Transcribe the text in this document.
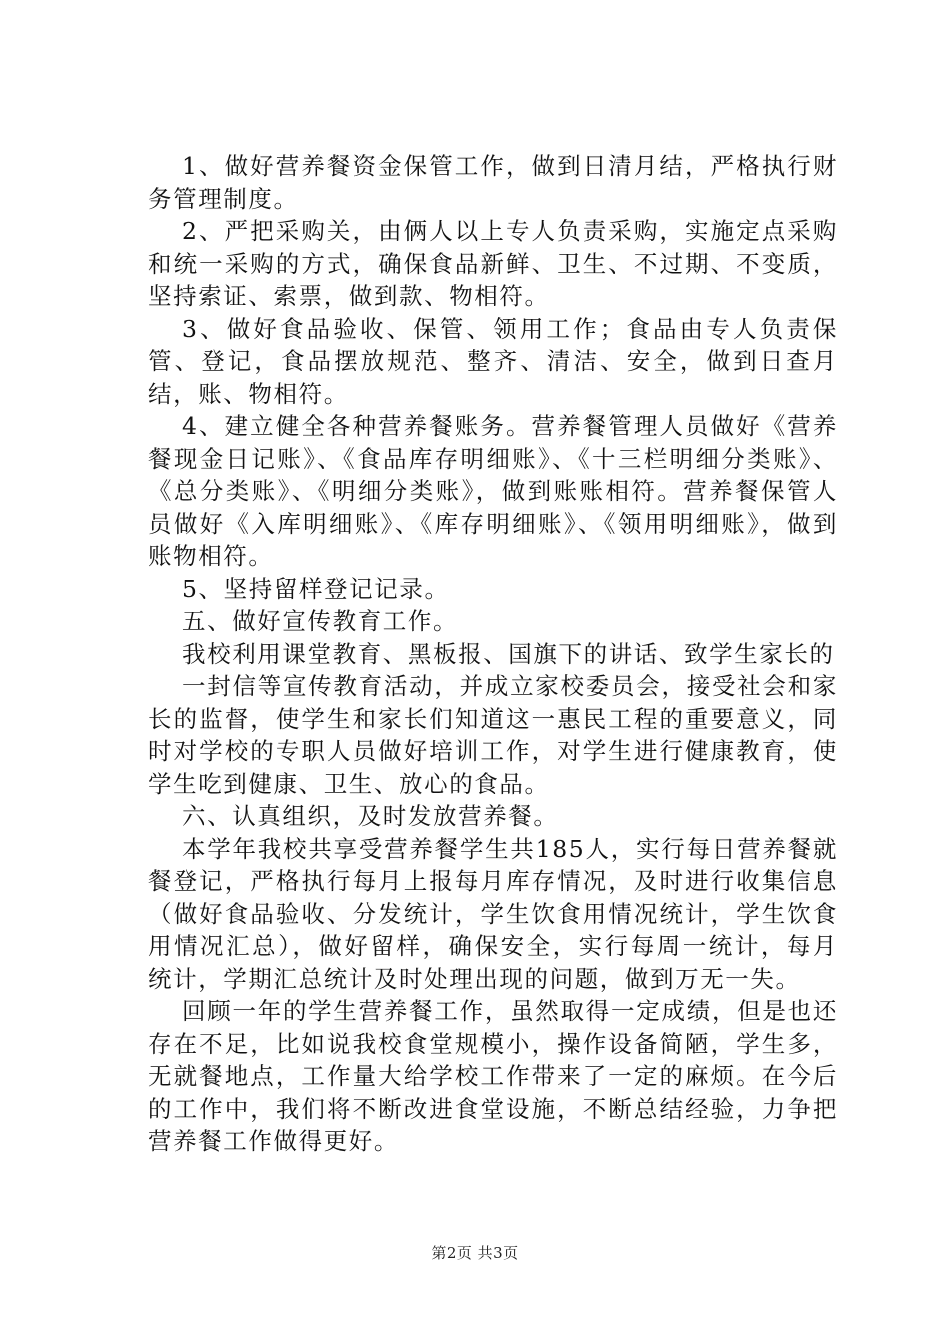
1、做好营养餐资金保管工作，做到日清月结，严格执行财务管理制度。

2、严把采购关，由俩人以上专人负责采购，实施定点采购和统一采购的方式，确保食品新鲜、卫生、不过期、不变质，坚持索证、索票，做到款、物相符。

3、做好食品验收、保管、领用工作；食品由专人负责保管、登记，食品摆放规范、整齐、清洁、安全，做到日查月结，账、物相符。

4、建立健全各种营养餐账务。营养餐管理人员做好《营养餐现金日记账》、《食品库存明细账》、《十三栏明细分类账》、《总分类账》、《明细分类账》，做到账账相符。营养餐保管人员做好《入库明细账》、《库存明细账》、《领用明细账》，做到账物相符。

5、坚持留样登记记录。

五、做好宣传教育工作。

我校利用课堂教育、黑板报、国旗下的讲话、致学生家长的

一封信等宣传教育活动，并成立家校委员会，接受社会和家长的监督，使学生和家长们知道这一惠民工程的重要意义，同时对学校的专职人员做好培训工作，对学生进行健康教育，使学生吃到健康、卫生、放心的食品。

六、认真组织，及时发放营养餐。

本学年我校共享受营养餐学生共185人，实行每日营养餐就餐登记，严格执行每月上报每月库存情况，及时进行收集信息（做好食品验收、分发统计，学生饮食用情况统计，学生饮食用情况汇总），做好留样，确保安全，实行每周一统计，每月统计，学期汇总统计及时处理出现的问题，做到万无一失。

回顾一年的学生营养餐工作，虽然取得一定成绩，但是也还存在不足，比如说我校食堂规模小，操作设备简陋，学生多，无就餐地点，工作量大给学校工作带来了一定的麻烦。在今后的工作中，我们将不断改进食堂设施，不断总结经验，力争把营养餐工作做得更好。

第2页 共3页
